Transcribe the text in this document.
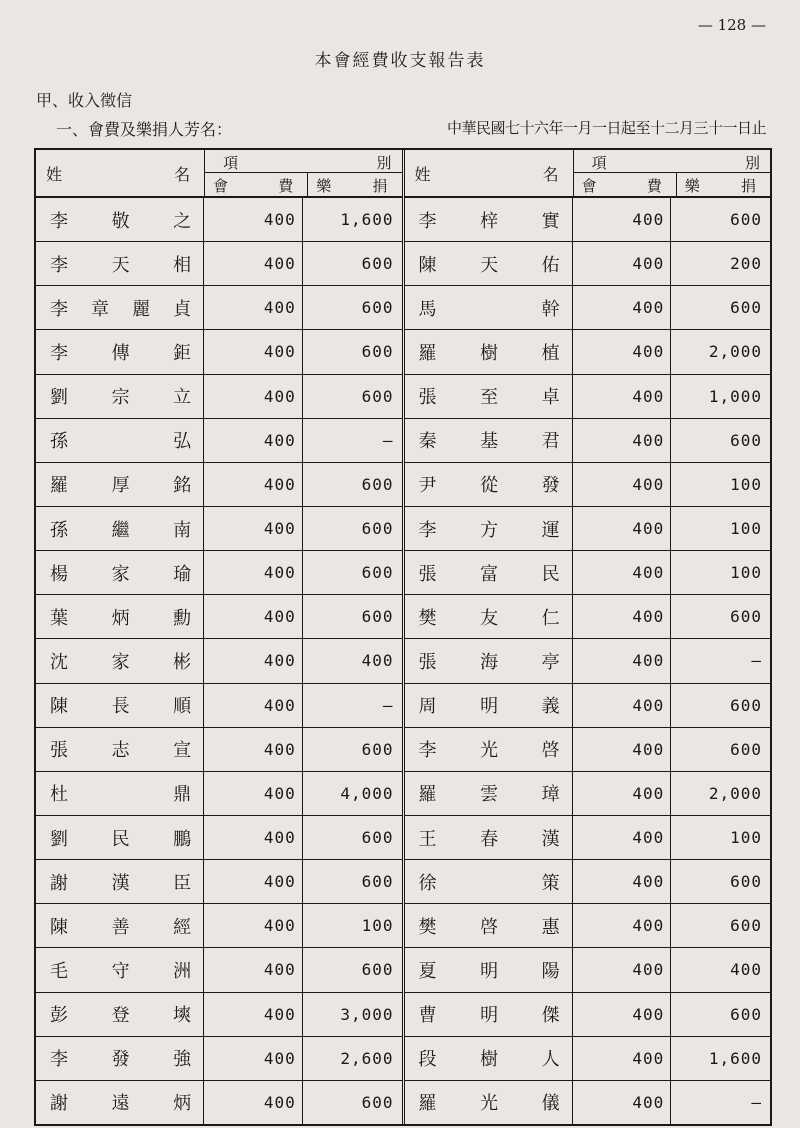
— 128 —
本會經費收支報告表
甲、收入徵信
一、會費及樂捐人芳名：	中華民國七十六年一月一日起至十二月三十一日止
姓	名
項	別
會	費 樂	捐
李 敬 之	400	1,600
李 天 相	400	600
李 章 麗 貞	400	600
李 傳 鉅	400	600
劉 宗 立	400	600
孫	弘	400	—
羅 厚 銘	400	600
孫 繼 南	400	600
楊 家 瑜	400	600
葉 炳 勳	400	600
沈 家 彬	400	400
陳 長 順	400	—
張 志 宣	400	600
杜	鼎	400	4,000
劉 民 鵬	400	600
謝 漢 臣	400	600
陳 善 經	400	100
毛 守 洲	400	600
彭 登 塽	400	3,000
李 發 強	400	2,600
謝 遠 炳	400	600
姓	名
項	別
會	費 樂	捐
李 梓 實	400	600
陳 天 佑	400	200
馬	幹	400	600
羅 樹 植	400	2,000
張 至 卓	400	1,000
秦 基 君	400	600
尹 從 發	400	100
李 方 運	400	100
張 富 民	400	100
樊 友 仁	400	600
張 海 亭	400	—
周 明 義	400	600
李 光 啓	400	600
羅 雲 璋	400	2,000
王 春 漢	400	100
徐	策	400	600
樊 啓 惠	400	600
夏 明 陽	400	400
曹 明 傑	400	600
段 樹 人	400	1,600
羅 光 儀	400	—
